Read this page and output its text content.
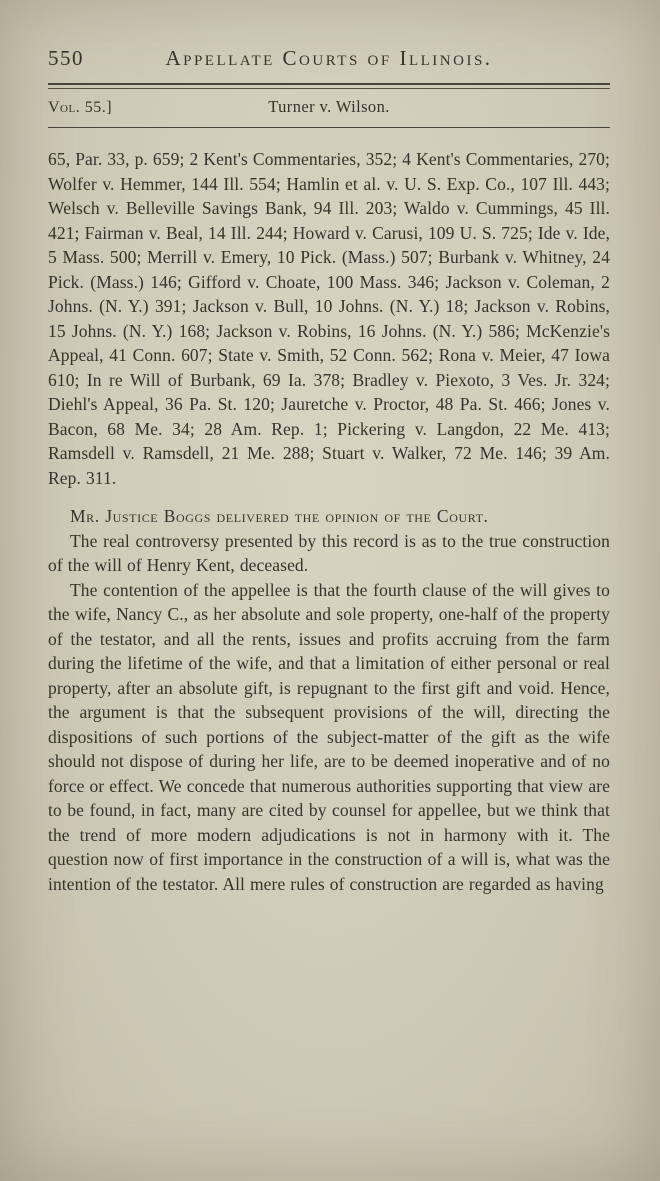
550	Appellate Courts of Illinois.
Vol. 55.]	Turner v. Wilson.

65, Par. 33, p. 659; 2 Kent's Commentaries, 352; 4 Kent's Commentaries, 270; Wolfer v. Hemmer, 144 Ill. 554; Hamlin et al. v. U. S. Exp. Co., 107 Ill. 443; Welsch v. Belleville Savings Bank, 94 Ill. 203; Waldo v. Cummings, 45 Ill. 421; Fairman v. Beal, 14 Ill. 244; Howard v. Carusi, 109 U. S. 725; Ide v. Ide, 5 Mass. 500; Merrill v. Emery, 10 Pick. (Mass.) 507; Burbank v. Whitney, 24 Pick. (Mass.) 146; Gifford v. Choate, 100 Mass. 346; Jackson v. Coleman, 2 Johns. (N. Y.) 391; Jackson v. Bull, 10 Johns. (N. Y.) 18; Jackson v. Robins, 15 Johns. (N. Y.) 168; Jackson v. Robins, 16 Johns. (N. Y.) 586; McKenzie's Appeal, 41 Conn. 607; State v. Smith, 52 Conn. 562; Rona v. Meier, 47 Iowa 610; In re Will of Burbank, 69 Ia. 378; Bradley v. Piexoto, 3 Ves. Jr. 324; Diehl's Appeal, 36 Pa. St. 120; Jauretche v. Proctor, 48 Pa. St. 466; Jones v. Bacon, 68 Me. 34; 28 Am. Rep. 1; Pickering v. Langdon, 22 Me. 413; Ramsdell v. Ramsdell, 21 Me. 288; Stuart v. Walker, 72 Me. 146; 39 Am. Rep. 311.

Mr. Justice Boggs delivered the opinion of the Court.

The real controversy presented by this record is as to the true construction of the will of Henry Kent, deceased.

The contention of the appellee is that the fourth clause of the will gives to the wife, Nancy C., as her absolute and sole property, one-half of the property of the testator, and all the rents, issues and profits accruing from the farm during the lifetime of the wife, and that a limitation of either personal or real property, after an absolute gift, is repugnant to the first gift and void. Hence, the argument is that the subsequent provisions of the will, directing the dispositions of such portions of the subject-matter of the gift as the wife should not dispose of during her life, are to be deemed inoperative and of no force or effect. We concede that numerous authorities supporting that view are to be found, in fact, many are cited by counsel for appellee, but we think that the trend of more modern adjudications is not in harmony with it. The question now of first importance in the construction of a will is, what was the intention of the testator. All mere rules of construction are regarded as having
